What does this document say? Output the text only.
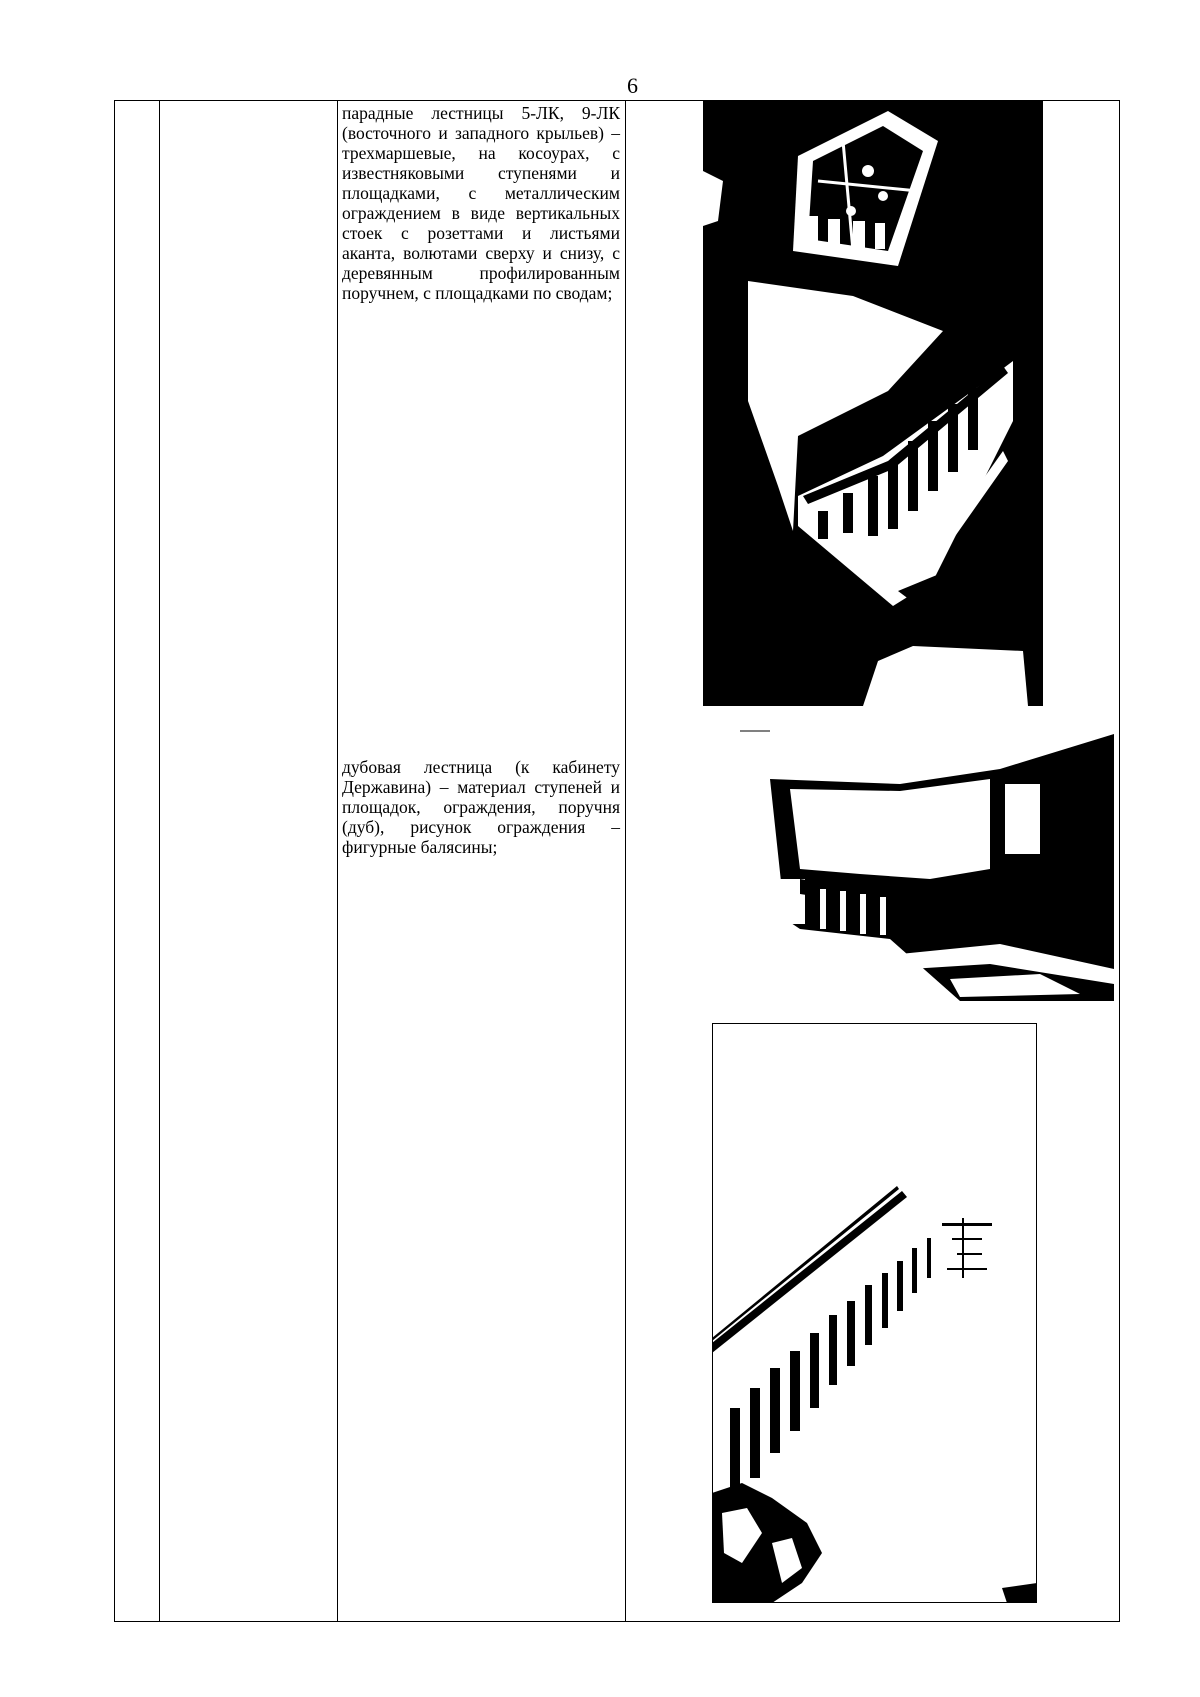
6

парадные лестницы 5-ЛК, 9-ЛК (восточного и западного крыльев) – трехмаршевые, на косоурах, с известняковыми ступенями и площадками, с металлическим ограждением в виде вертикальных стоек с розеттами и листьями аканта, волютами сверху и снизу, с деревянным профилированным поручнем, с площадками по сводам;

дубовая лестница (к кабинету Державина) – материал ступеней и площадок, ограждения, поручня (дуб), рисунок ограждения – фигурные балясины;
